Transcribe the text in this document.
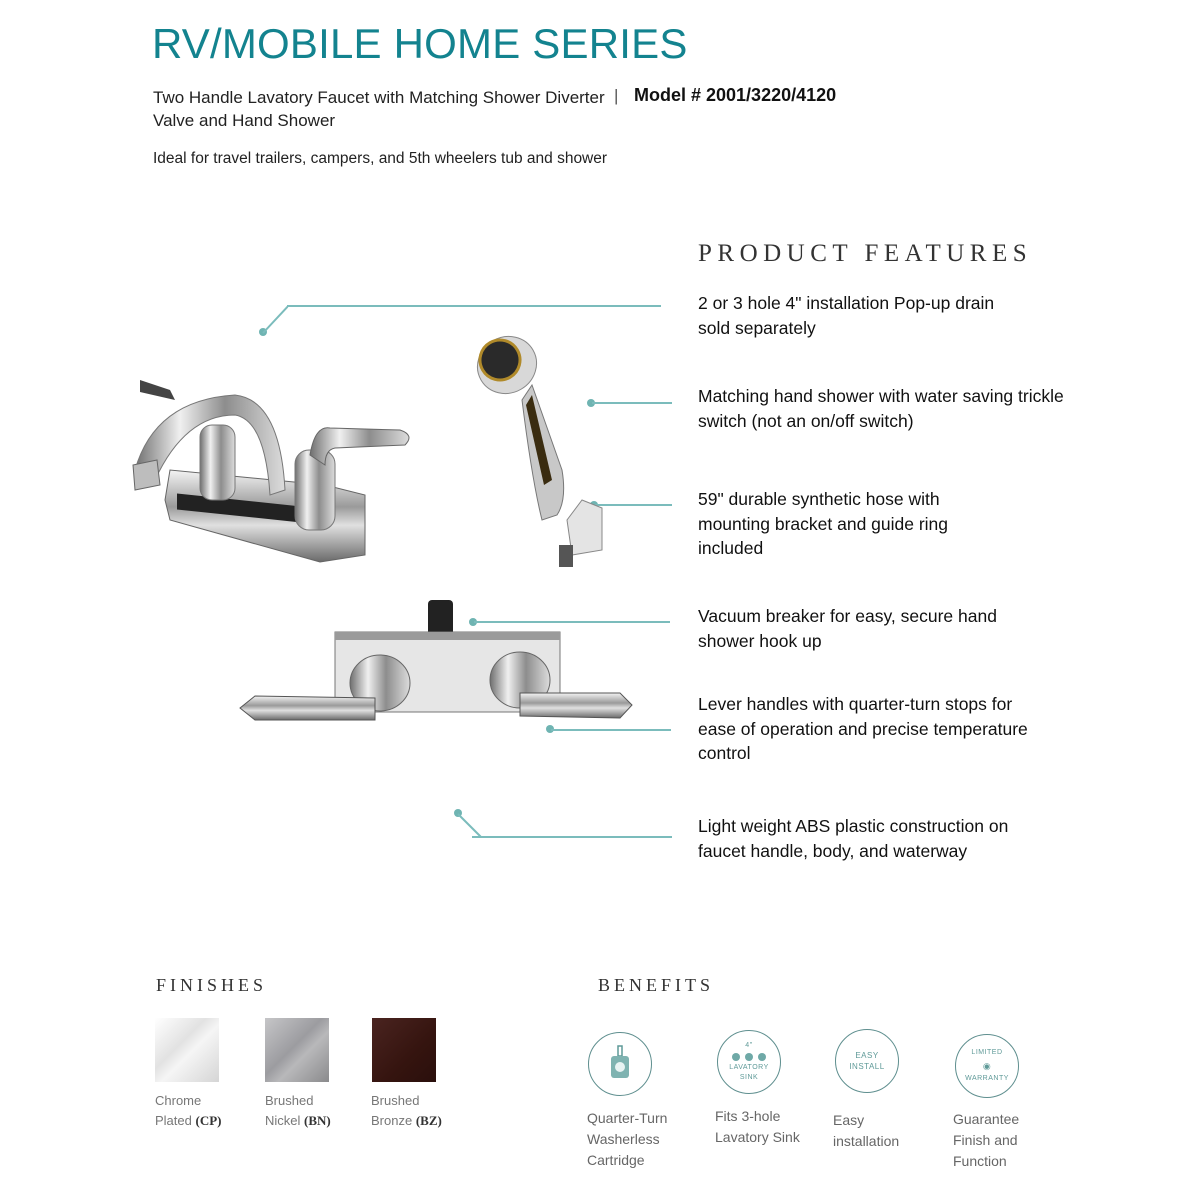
RV/MOBILE HOME SERIES
Two Handle Lavatory Faucet with Matching Shower Diverter Valve and Hand Shower
| Model # 2001/3220/4120
Ideal for travel trailers, campers, and 5th wheelers tub and shower
PRODUCT FEATURES
2 or 3 hole 4" installation Pop-up drain sold separately
Matching hand shower with water saving trickle switch (not an on/off switch)
59" durable synthetic hose with mounting bracket and guide ring included
Vacuum breaker for easy, secure hand shower hook up
Lever handles with quarter-turn stops for ease of operation and precise temperature control
Light weight ABS plastic construction on faucet handle, body, and waterway
FINISHES
Chrome
Plated (CP)
Brushed
Nickel (BN)
Brushed
Bronze (BZ)
BENEFITS
4"
LAVATORY SINK
EASY INSTALL
LIMITED
◉
WARRANTY
Quarter-Turn Washerless Cartridge
Fits 3-hole Lavatory Sink
Easy installation
Guarantee Finish and Function
